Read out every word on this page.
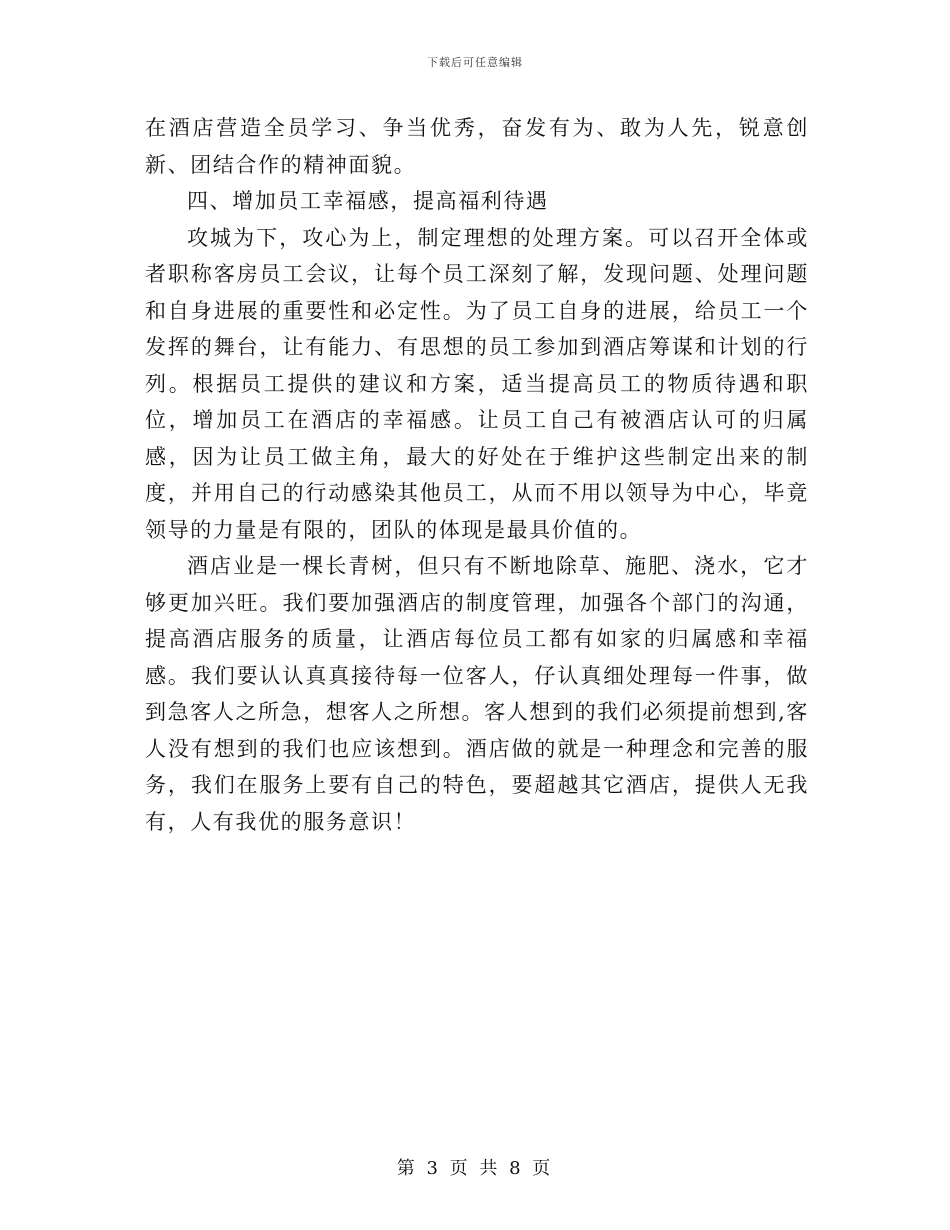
下载后可任意编辑

在酒店营造全员学习、争当优秀，奋发有为、敢为人先，锐意创新、团结合作的精神面貌。

四、增加员工幸福感，提高福利待遇

攻城为下，攻心为上，制定理想的处理方案。可以召开全体或者职称客房员工会议，让每个员工深刻了解，发现问题、处理问题和自身进展的重要性和必定性。为了员工自身的进展，给员工一个发挥的舞台，让有能力、有思想的员工参加到酒店筹谋和计划的行列。根据员工提供的建议和方案，适当提高员工的物质待遇和职位，增加员工在酒店的幸福感。让员工自己有被酒店认可的归属感，因为让员工做主角，最大的好处在于维护这些制定出来的制度，并用自己的行动感染其他员工，从而不用以领导为中心，毕竟领导的力量是有限的，团队的体现是最具价值的。

酒店业是一棵长青树，但只有不断地除草、施肥、浇水，它才够更加兴旺。我们要加强酒店的制度管理，加强各个部门的沟通，提高酒店服务的质量，让酒店每位员工都有如家的归属感和幸福感。我们要认认真真接待每一位客人，仔认真细处理每一件事，做到急客人之所急，想客人之所想。客人想到的我们必须提前想到,客人没有想到的我们也应该想到。酒店做的就是一种理念和完善的服务，我们在服务上要有自己的特色，要超越其它酒店，提供人无我有，人有我优的服务意识！

第 3 页 共 8 页
